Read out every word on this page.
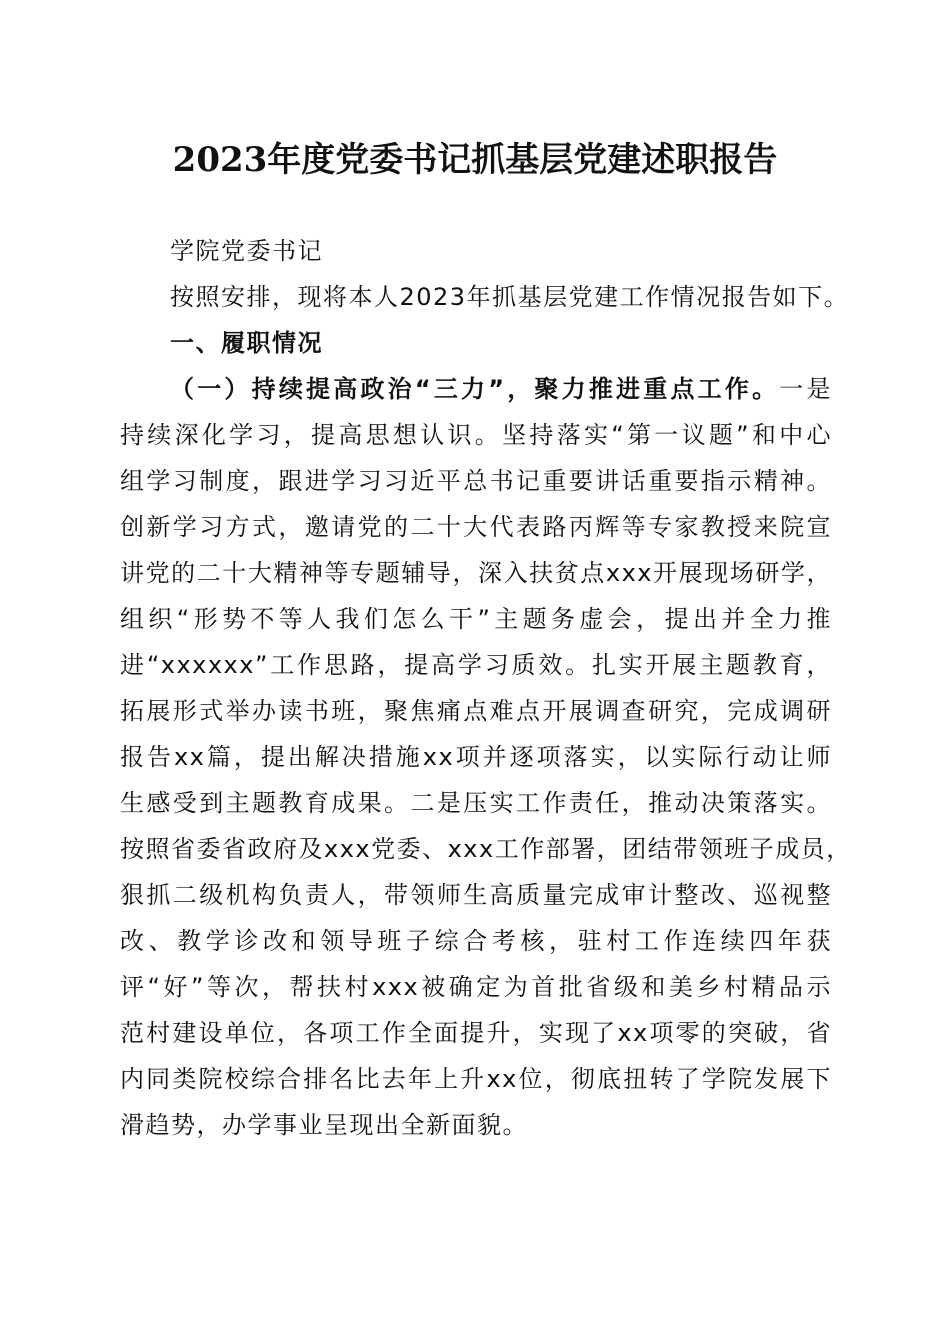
2023年度党委书记抓基层党建述职报告
学院党委书记
按照安排，现将本人2023年抓基层党建工作情况报告如下。
一、履职情况
（一）持续提高政治“三力”，聚力推进重点工作。一是
持续深化学习，提高思想认识。坚持落实“第一议题”和中心
组学习制度，跟进学习习近平总书记重要讲话重要指示精神。
创新学习方式，邀请党的二十大代表路丙辉等专家教授来院宣
讲党的二十大精神等专题辅导，深入扶贫点xxx开展现场研学，
组织“形势不等人我们怎么干”主题务虚会，提出并全力推
进“xxxxxx”工作思路，提高学习质效。扎实开展主题教育，
拓展形式举办读书班，聚焦痛点难点开展调查研究，完成调研
报告xx篇，提出解决措施xx项并逐项落实，以实际行动让师
生感受到主题教育成果。二是压实工作责任，推动决策落实。
按照省委省政府及xxx党委、xxx工作部署，团结带领班子成员，
狠抓二级机构负责人，带领师生高质量完成审计整改、巡视整
改、教学诊改和领导班子综合考核，驻村工作连续四年获
评“好”等次，帮扶村xxx被确定为首批省级和美乡村精品示
范村建设单位，各项工作全面提升，实现了xx项零的突破，省
内同类院校综合排名比去年上升xx位，彻底扭转了学院发展下
滑趋势，办学事业呈现出全新面貌。
